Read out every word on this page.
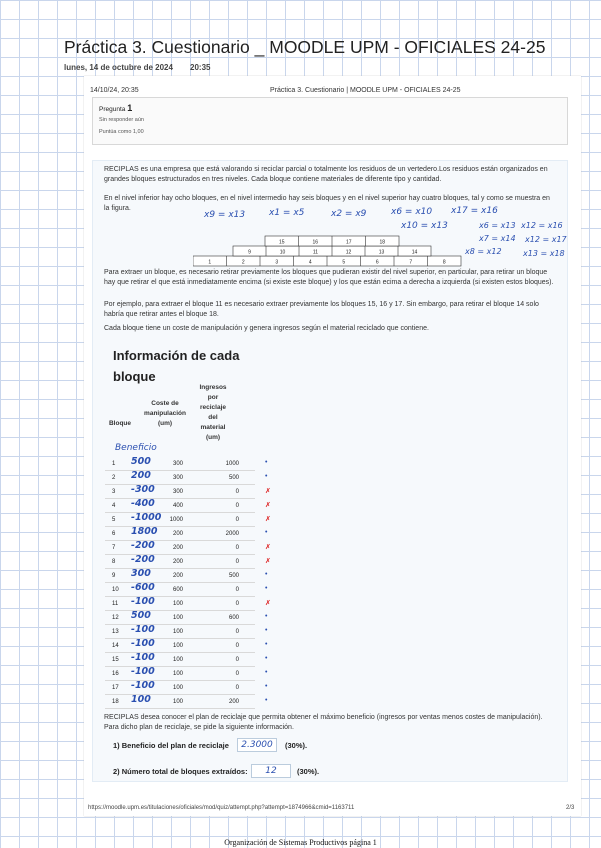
Práctica 3. Cuestionario _ MOODLE UPM - OFICIALES 24-25
lunes, 14 de octubre de 2024 20:35
14/10/24, 20:35	Práctica 3. Cuestionario | MOODLE UPM - OFICIALES 24-25
Pregunta 1
Sin responder aún
Puntúa como 1,00
RECIPLAS es una empresa que está valorando si reciclar parcial o totalmente los residuos de un vertedero.Los residuos están organizados en grandes bloques estructurados en tres niveles. Cada bloque contiene materiales de diferente tipo y cantidad.
En el nivel inferior hay ocho bloques, en el nivel intermedio hay seis bloques y en el nivel superior hay cuatro bloques, tal y como se muestra en la figura.
x9 = x13	x1 = x5	x2 = x9	x6 = x10 x17 = x16
x10 = x13	x6 = x13
x7 = x14
x8 = x12
x12 = x16
x12 = x17
x13 = x18
1	2	3	4	5	6	7	8
9	10	11	12	13	14
15	16	17	18
Para extraer un bloque, es necesario retirar previamente los bloques que pudieran existir del nivel superior, en particular, para retirar un bloque hay que retirar el que está inmediatamente encima (si existe este bloque) y los que están ecima a derecha a izquierda (si existen estos bloques).
Por ejemplo, para extraer el bloque 11 es necesario extraer previamente los bloques 15, 16 y 17. Sin embargo, para retirar el bloque 14 solo habría que retirar antes el bloque 18.
Cada bloque tiene un coste de manipulación y genera ingresos según el material reciclado que contiene.
Información de cada
bloque
Bloque
Coste de
manipulación
(um)
Ingresos
por
reciclaje
del
material
(um)
Beneficio
1 500	300	1000	•
2 200	300	500	•
3 -300	300	0	✗
4 -400	400	0	✗
5 -1000 1000	0	✗
6 1800	200	2000	•
7 -200	200	0	✗
8 -200	200	0	✗
9 300	200	500	•
10 -600	600	0	•
11 -100	100	0	✗
12 500	100	600	•
13 -100	100	0	•
14 -100	100	0	•
15 -100	100	0	•
16 -100	100	0	•
17 -100	100	0	•
18 100	100	200	•
RECIPLAS desea conocer el plan de reciclaje que permita obtener el máximo beneficio (ingresos por ventas menos costes de manipulación). Para dicho plan de reciclaje, se pide la siguiente información.
1) Beneficio del plan de reciclaje	2.3000	(30%).
2) Número total de bloques extraídos:	12	(30%).
https://moodle.upm.es/titulaciones/oficiales/mod/quiz/attempt.php?attempt=1874966&cmid=1163711	2/3
Organización de Sistemas Productivos página 1
